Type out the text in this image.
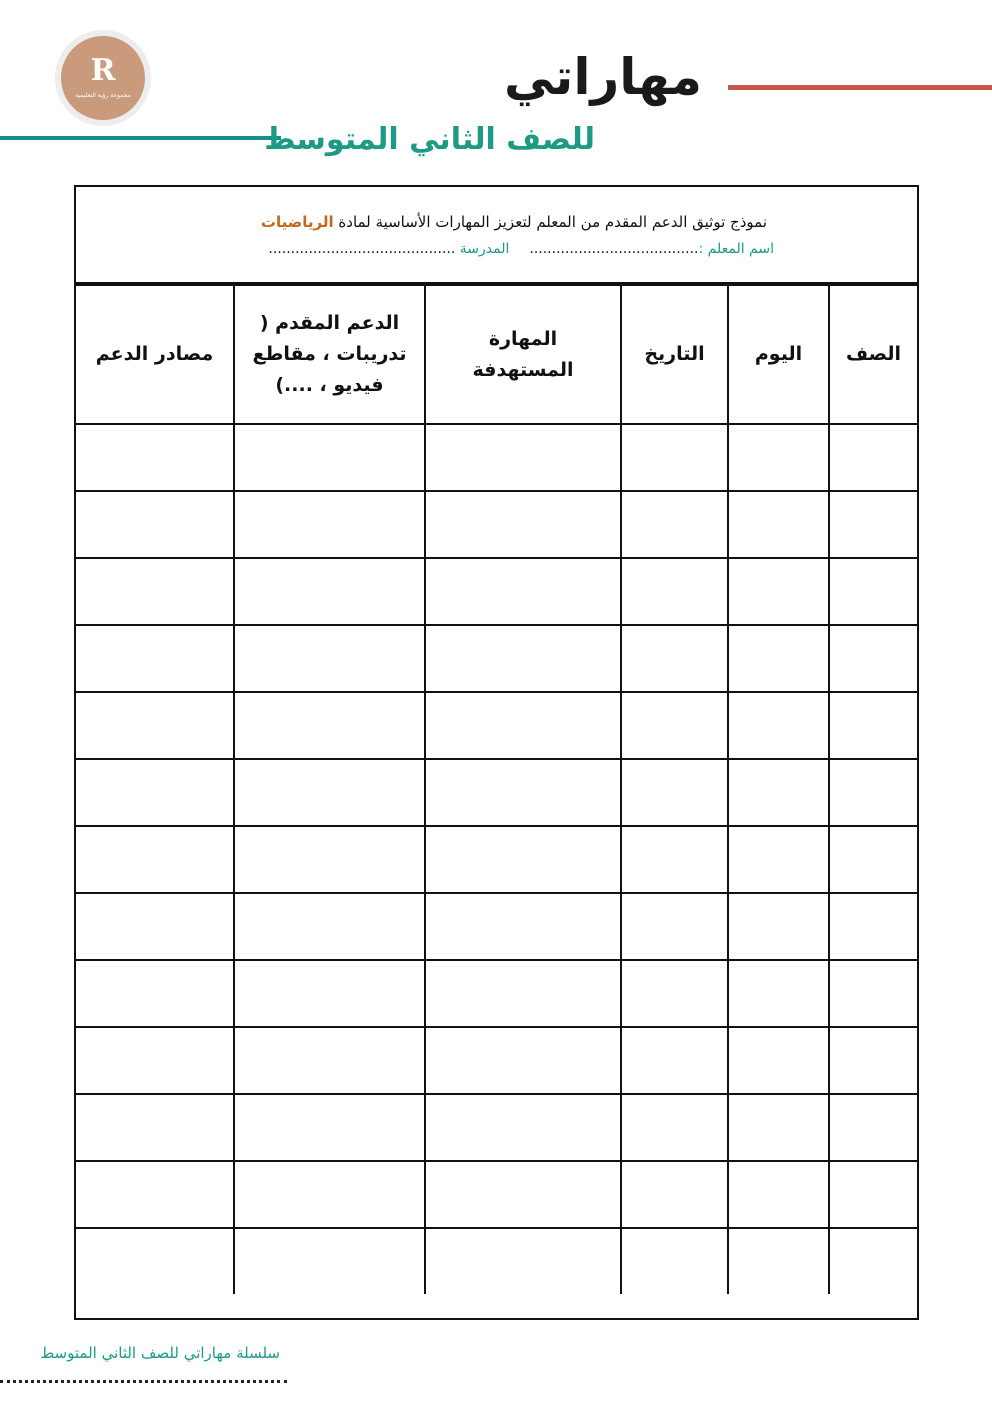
R
مجموعة رؤية التعليمية	مهاراتي
للصف الثاني المتوسط
نموذج توثيق الدعم المقدم من المعلم لتعزيز المهارات الأساسية لمادة الرياضيات
اسم المعلم :......................................المدرسة ..........................................
الصف	اليوم	التاريخ	المهارة المستهدفة	الدعم المقدم ( تدريبات ، مقاطع فيديو ، ....)	مصادر الدعم

سلسلة مهاراتي للصف الثاني المتوسط
